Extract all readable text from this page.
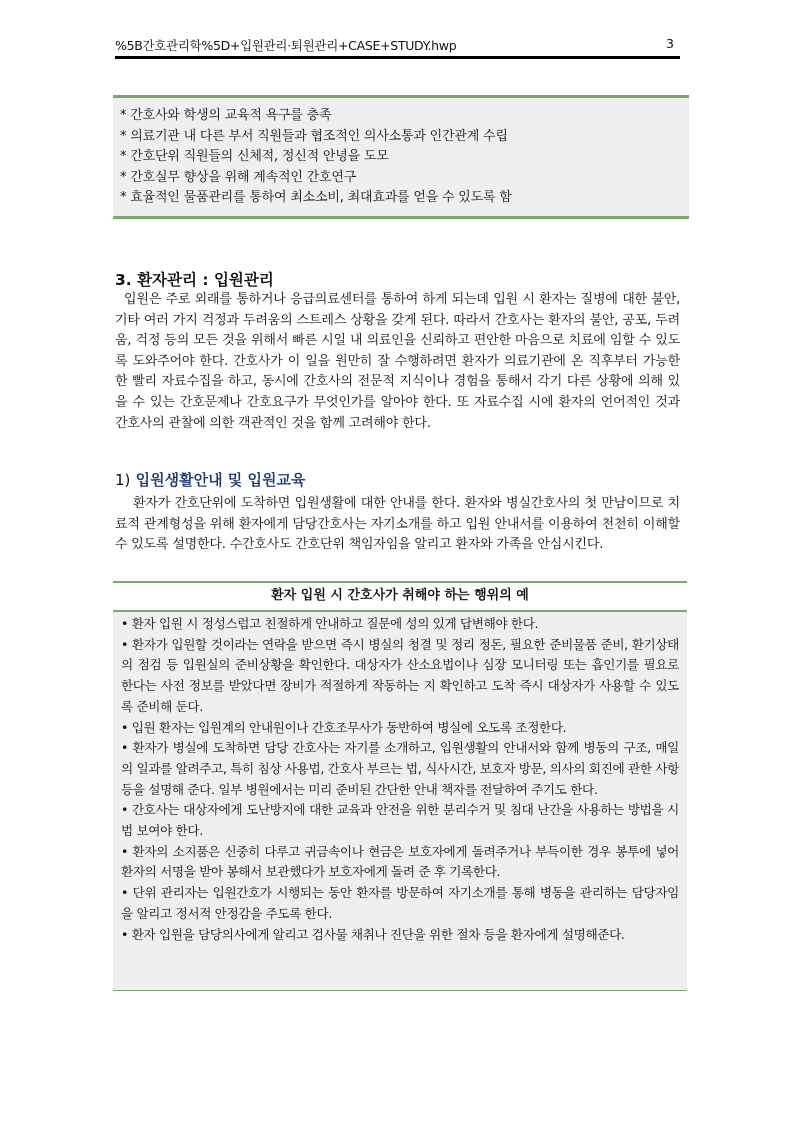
%5B간호관리학%5D+입원관리·퇴원관리+CASE+STUDY.hwp	3
* 간호사와 학생의 교육적 욕구를 충족
* 의료기관 내 다른 부서 직원들과 협조적인 의사소통과 인간관계 수립
* 간호단위 직원들의 신체적, 정신적 안녕을 도모
* 간호실무 향상을 위해 계속적인 간호연구
* 효율적인 물품관리를 통하여 최소소비, 최대효과를 얻을 수 있도록 함
3. 환자관리 : 입원관리

입원은 주로 외래를 통하거나 응급의료센터를 통하여 하게 되는데 입원 시 환자는 질병에 대한 불안, 기타 여러 가지 걱정과 두려움의 스트레스 상황을 갖게 된다. 따라서 간호사는 환자의 불안, 공포, 두려움, 걱정 등의 모든 것을 위해서 빠른 시일 내 의료인을 신뢰하고 편안한 마음으로 치료에 임할 수 있도록 도와주어야 한다. 간호사가 이 일을 원만히 잘 수행하려면 환자가 의료기관에 온 직후부터 가능한 한 빨리 자료수집을 하고, 동시에 간호사의 전문적 지식이나 경험을 통해서 각기 다른 상황에 의해 있을 수 있는 간호문제나 간호요구가 무엇인가를 알아야 한다. 또 자료수집 시에 환자의 언어적인 것과 간호사의 관찰에 의한 객관적인 것을 함께 고려해야 한다.

1) 입원생활안내 및 입원교육

환자가 간호단위에 도착하면 입원생활에 대한 안내를 한다. 환자와 병실간호사의 첫 만남이므로 치료적 관계형성을 위해 환자에게 담당간호사는 자기소개를 하고 입원 안내서를 이용하여 천천히 이해할 수 있도록 설명한다. 수간호사도 간호단위 책임자임을 알리고 환자와 가족을 안심시킨다.

환자 입원 시 간호사가 취해야 하는 행위의 예

• 환자 입원 시 정성스럽고 친절하게 안내하고 질문에 성의 있게 답변해야 한다.

• 환자가 입원할 것이라는 연락을 받으면 즉시 병실의 청결 및 정리 정돈, 필요한 준비물품 준비, 환기상태의 점검 등 입원실의 준비상황을 확인한다. 대상자가 산소요법이나 심장 모니터링 또는 흡인기를 필요로 한다는 사전 정보를 받았다면 장비가 적절하게 작동하는 지 확인하고 도착 즉시 대상자가 사용할 수 있도록 준비해 둔다.

• 입원 환자는 입원계의 안내원이나 간호조무사가 동반하여 병실에 오도록 조정한다.

• 환자가 병실에 도착하면 담당 간호사는 자기를 소개하고, 입원생활의 안내서와 함께 병동의 구조, 매일의 일과를 알려주고, 특히 침상 사용법, 간호사 부르는 법, 식사시간, 보호자 방문, 의사의 회진에 관한 사항 등을 설명해 준다. 일부 병원에서는 미리 준비된 간단한 안내 책자를 전달하여 주기도 한다.

• 간호사는 대상자에게 도난방지에 대한 교육과 안전을 위한 분리수거 및 침대 난간을 사용하는 방법을 시범 보여야 한다.

• 환자의 소지품은 신중히 다루고 귀금속이나 현금은 보호자에게 돌려주거나 부득이한 경우 봉투에 넣어 환자의 서명을 받아 봉해서 보관했다가 보호자에게 돌려 준 후 기록한다.

• 단위 관리자는 입원간호가 시행되는 동안 환자를 방문하여 자기소개를 통해 병동을 관리하는 담당자임을 알리고 정서적 안정감을 주도록 한다.

• 환자 입원을 담당의사에게 알리고 검사물 채취나 진단을 위한 절차 등을 환자에게 설명해준다.
